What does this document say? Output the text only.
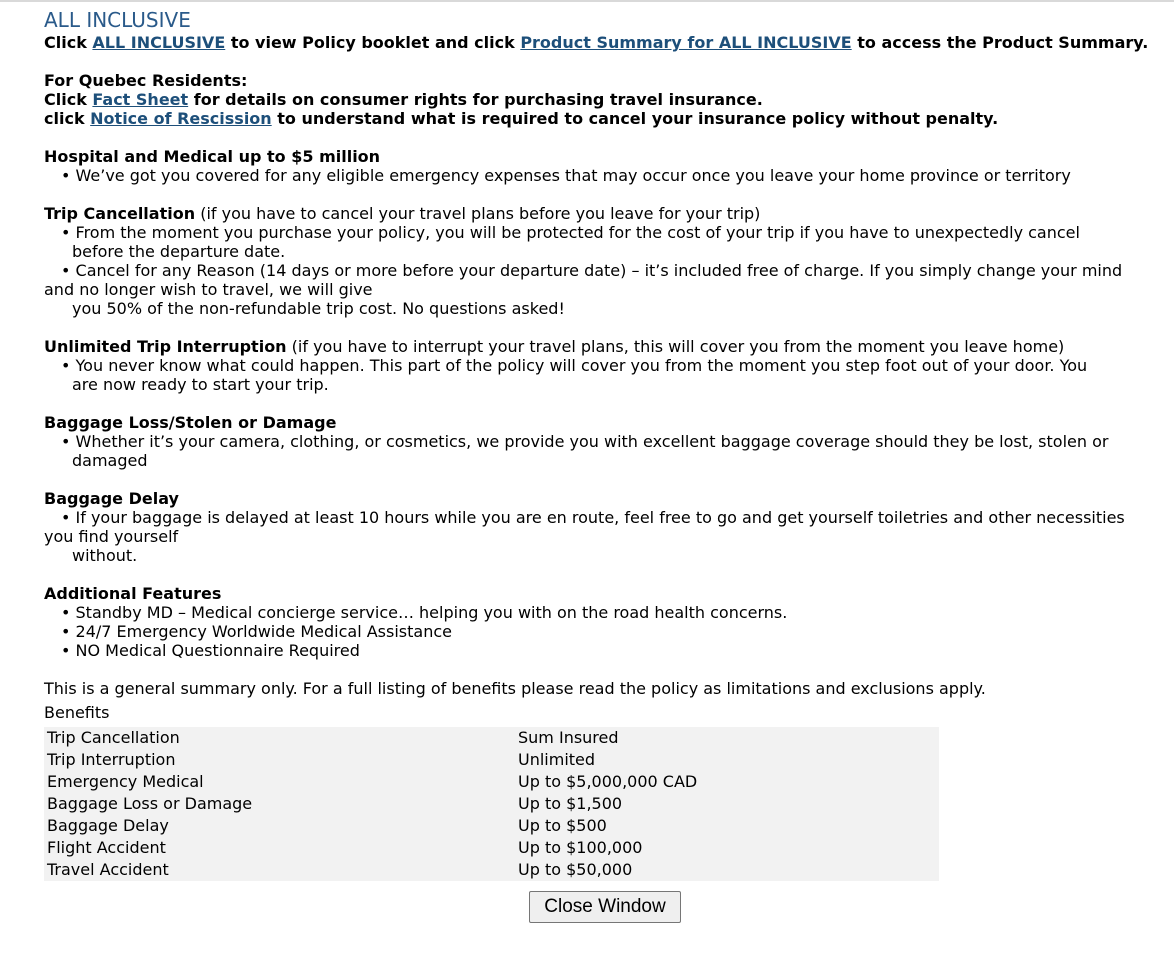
ALL INCLUSIVE
Click ALL INCLUSIVE to view Policy booklet and click Product Summary for ALL INCLUSIVE to access the Product Summary.
For Quebec Residents:
Click Fact Sheet for details on consumer rights for purchasing travel insurance.
click Notice of Rescission to understand what is required to cancel your insurance policy without penalty.
Hospital and Medical up to $5 million
• We’ve got you covered for any eligible emergency expenses that may occur once you leave your home province or territory
Trip Cancellation (if you have to cancel your travel plans before you leave for your trip)
• From the moment you purchase your policy, you will be protected for the cost of your trip if you have to unexpectedly cancel
before the departure date.
• Cancel for any Reason (14 days or more before your departure date) – it’s included free of charge. If you simply change your mind
and no longer wish to travel, we will give
you 50% of the non-refundable trip cost. No questions asked!
Unlimited Trip Interruption (if you have to interrupt your travel plans, this will cover you from the moment you leave home)
• You never know what could happen. This part of the policy will cover you from the moment you step foot out of your door. You
are now ready to start your trip.
Baggage Loss/Stolen or Damage
• Whether it’s your camera, clothing, or cosmetics, we provide you with excellent baggage coverage should they be lost, stolen or
damaged
Baggage Delay
• If your baggage is delayed at least 10 hours while you are en route, feel free to go and get yourself toiletries and other necessities
you find yourself
without.
Additional Features
• Standby MD – Medical concierge service… helping you with on the road health concerns.
• 24/7 Emergency Worldwide Medical Assistance
• NO Medical Questionnaire Required
This is a general summary only. For a full listing of benefits please read the policy as limitations and exclusions apply.
Benefits
Trip Cancellation	Sum Insured
Trip Interruption	Unlimited
Emergency Medical	Up to $5,000,000 CAD
Baggage Loss or Damage	Up to $1,500
Baggage Delay	Up to $500
Flight Accident	Up to $100,000
Travel Accident	Up to $50,000
Close Window
